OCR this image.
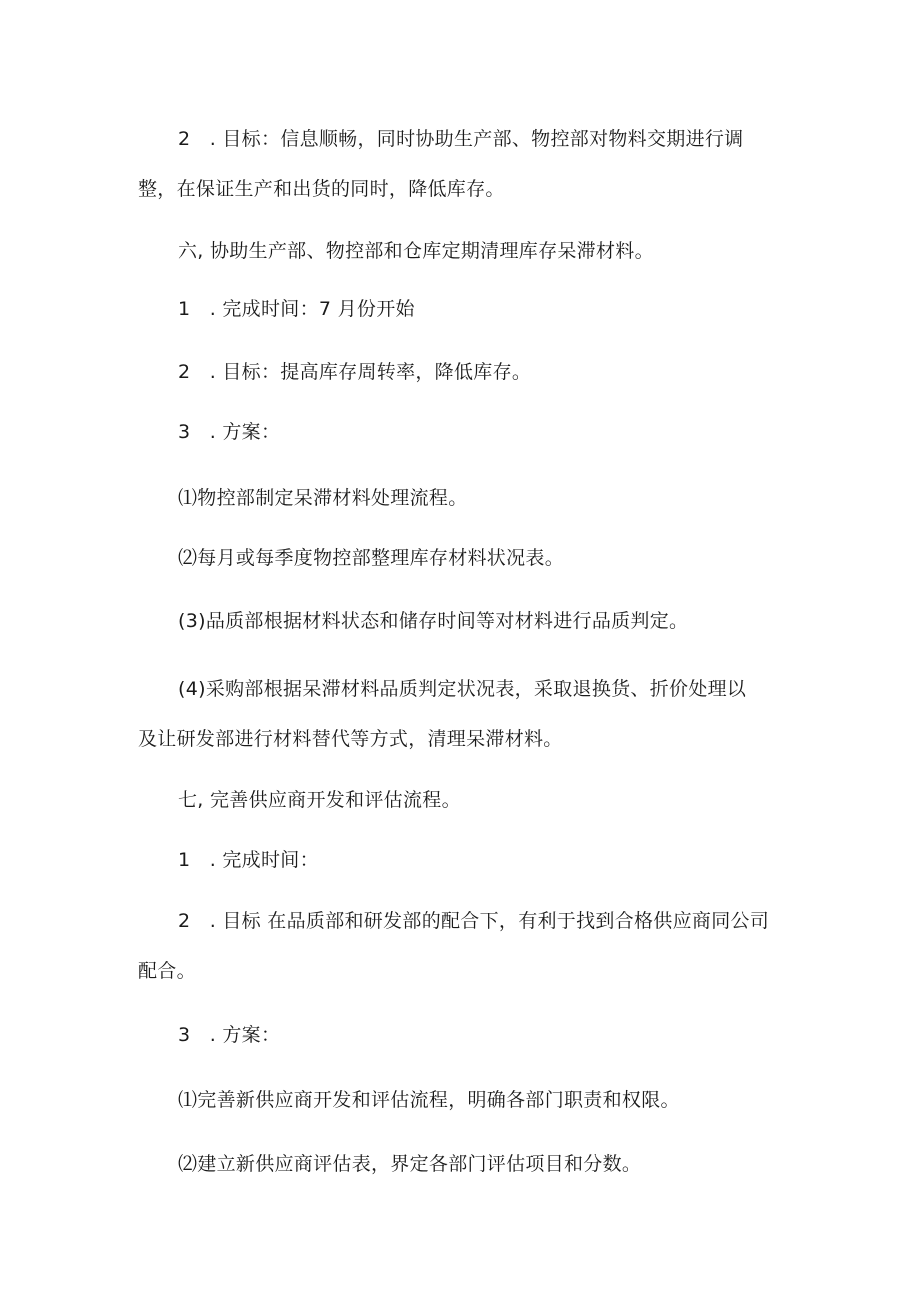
2　. 目标：信息顺畅，同时协助生产部、物控部对物料交期进行调
整，在保证生产和出货的同时，降低库存。
六, 协助生产部、物控部和仓库定期清理库存呆滞材料。
1　. 完成时间：7 月份开始
2　. 目标：提高库存周转率，降低库存。
3　. 方案：
⑴物控部制定呆滞材料处理流程。
⑵每月或每季度物控部整理库存材料状况表。
(3)品质部根据材料状态和储存时间等对材料进行品质判定。
(4)采购部根据呆滞材料品质判定状况表，采取退换货、折价处理以
及让研发部进行材料替代等方式，清理呆滞材料。
七, 完善供应商开发和评估流程。
1　. 完成时间：
2　. 目标 在品质部和研发部的配合下，有利于找到合格供应商同公司
配合。
3　. 方案：
⑴完善新供应商开发和评估流程，明确各部门职责和权限。
⑵建立新供应商评估表，界定各部门评估项目和分数。
